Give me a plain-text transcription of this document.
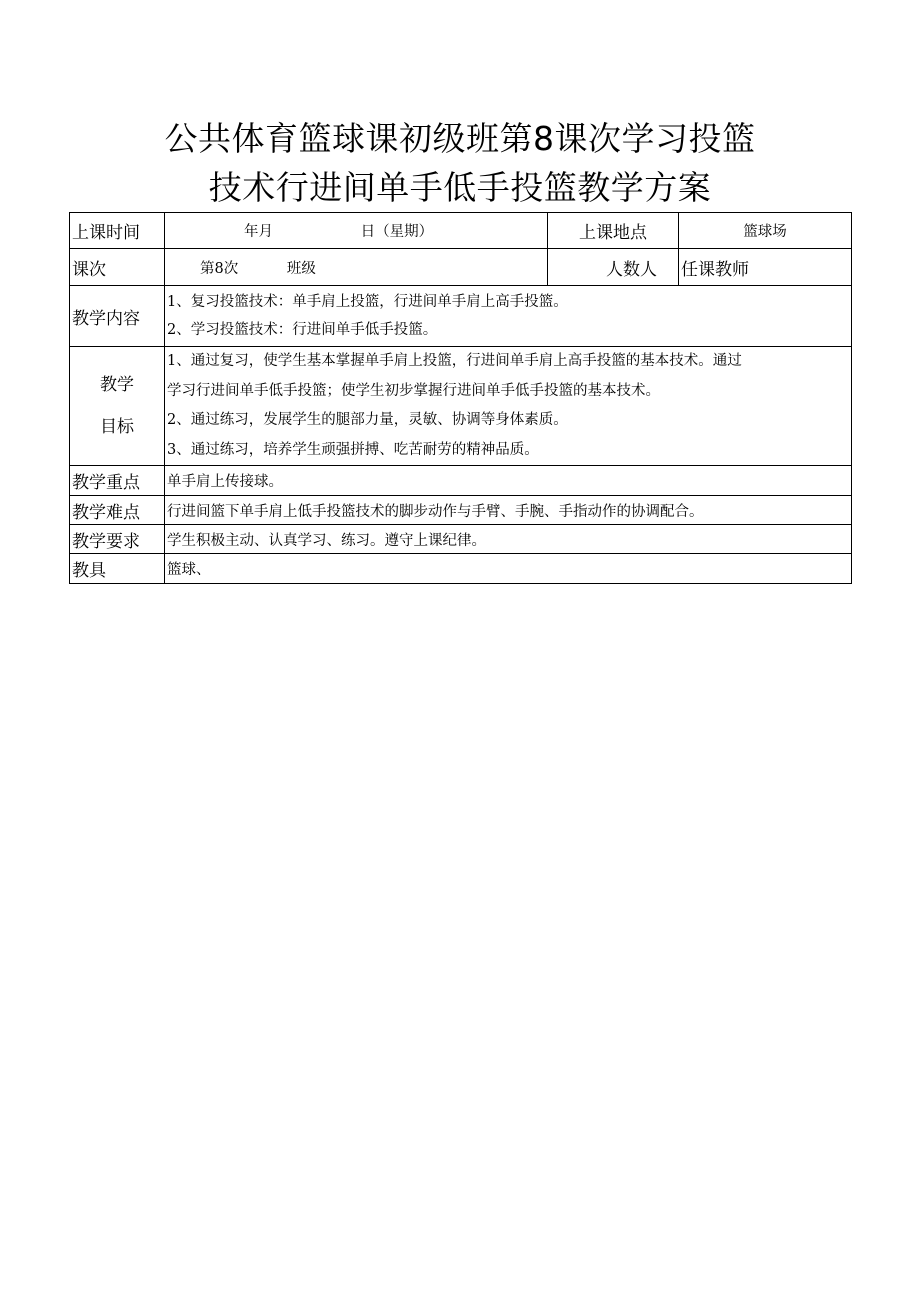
公共体育篮球课初级班第8课次学习投篮
技术行进间单手低手投篮教学方案
上课时间	年月 日（星期）	上课地点	篮球场
课次	第8次 班级	人数人	任课教师
教学内容	1、复习投篮技术：单手肩上投篮，行进间单手肩上高手投篮。
2、学习投篮技术：行进间单手低手投篮。		

教学
目标	1、通过复习，使学生基本掌握单手肩上投篮，行进间单手肩上高手投篮的基本技术。通过
学习行进间单手低手投篮；使学生初步掌握行进间单手低手投篮的基本技术。
2、通过练习，发展学生的腿部力量，灵敏、协调等身体素质。
3、通过练习，培养学生顽强拼搏、吃苦耐劳的精神品质。		

教学重点	单手肩上传接球。		
教学难点	行进间篮下单手肩上低手投篮技术的脚步动作与手臂、手腕、手指动作的协调配合。		
教学要求	学生积极主动、认真学习、练习。遵守上课纪律。		
教具	篮球、		
